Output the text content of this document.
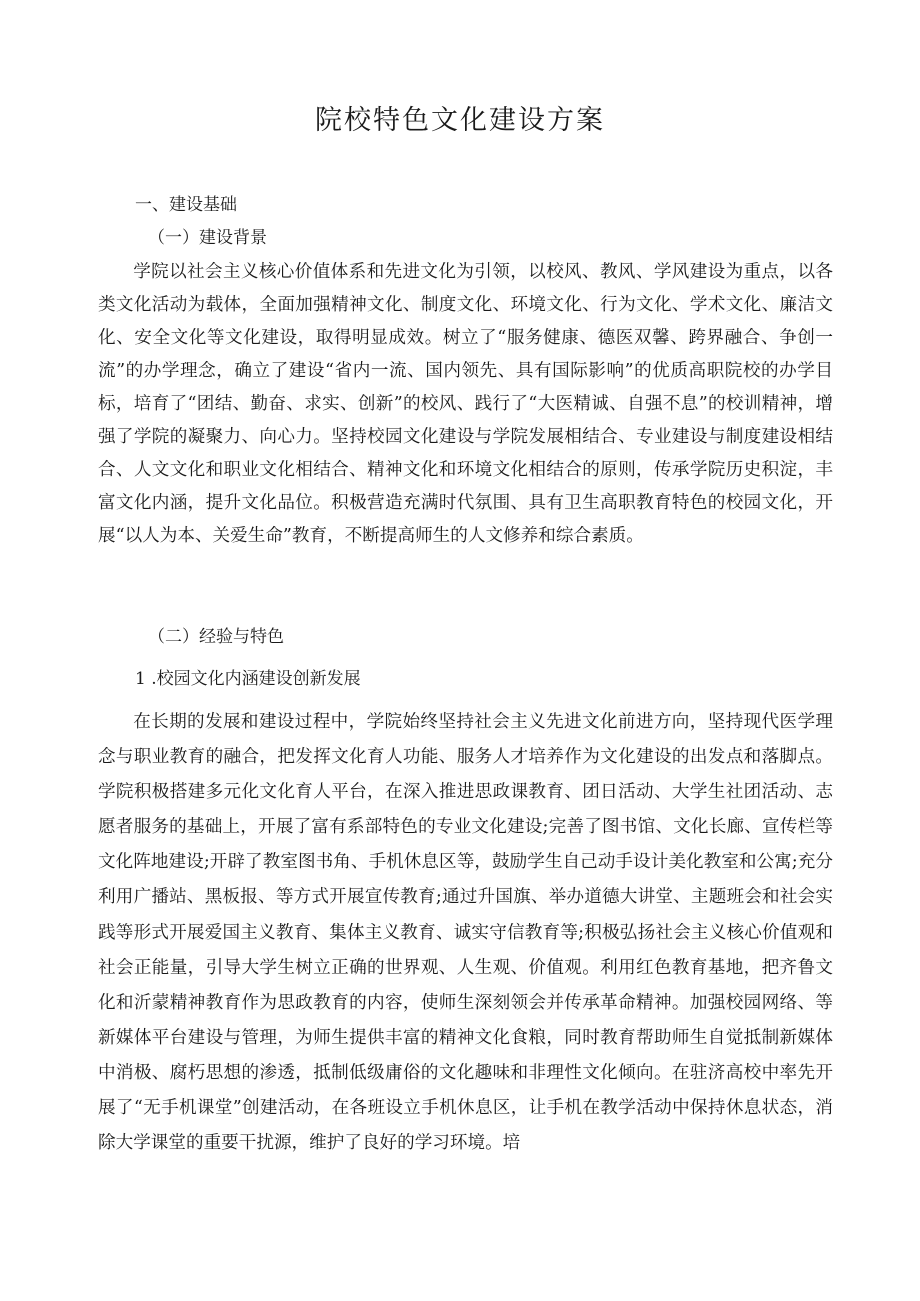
院校特色文化建设方案
一、建设基础
（一）建设背景

学院以社会主义核心价值体系和先进文化为引领，以校风、教风、学风建设为重点，以各类文化活动为载体，全面加强精神文化、制度文化、环境文化、行为文化、学术文化、廉洁文化、安全文化等文化建设，取得明显成效。树立了“服务健康、德医双馨、跨界融合、争创一流”的办学理念，确立了建设“省内一流、国内领先、具有国际影响”的优质高职院校的办学目标，培育了“团结、勤奋、求实、创新”的校风、践行了“大医精诚、自强不息”的校训精神，增强了学院的凝聚力、向心力。坚持校园文化建设与学院发展相结合、专业建设与制度建设相结合、人文文化和职业文化相结合、精神文化和环境文化相结合的原则，传承学院历史积淀，丰富文化内涵，提升文化品位。积极营造充满时代氛围、具有卫生高职教育特色的校园文化，开展“以人为本、关爱生命”教育，不断提高师生的人文修养和综合素质。

（二）经验与特色
1 .校园文化内涵建设创新发展

在长期的发展和建设过程中，学院始终坚持社会主义先进文化前进方向，坚持现代医学理念与职业教育的融合，把发挥文化育人功能、服务人才培养作为文化建设的出发点和落脚点。学院积极搭建多元化文化育人平台，在深入推进思政课教育、团日活动、大学生社团活动、志愿者服务的基础上，开展了富有系部特色的专业文化建设;完善了图书馆、文化长廊、宣传栏等文化阵地建设;开辟了教室图书角、手机休息区等，鼓励学生自己动手设计美化教室和公寓;充分利用广播站、黑板报、等方式开展宣传教育;通过升国旗、举办道德大讲堂、主题班会和社会实践等形式开展爱国主义教育、集体主义教育、诚实守信教育等;积极弘扬社会主义核心价值观和社会正能量，引导大学生树立正确的世界观、人生观、价值观。利用红色教育基地，把齐鲁文化和沂蒙精神教育作为思政教育的内容，使师生深刻领会并传承革命精神。加强校园网络、等新媒体平台建设与管理，为师生提供丰富的精神文化食粮，同时教育帮助师生自觉抵制新媒体中消极、腐朽思想的渗透，抵制低级庸俗的文化趣味和非理性文化倾向。在驻济高校中率先开展了“无手机课堂”创建活动，在各班设立手机休息区，让手机在教学活动中保持休息状态，消除大学课堂的重要干扰源，维护了良好的学习环境。培
